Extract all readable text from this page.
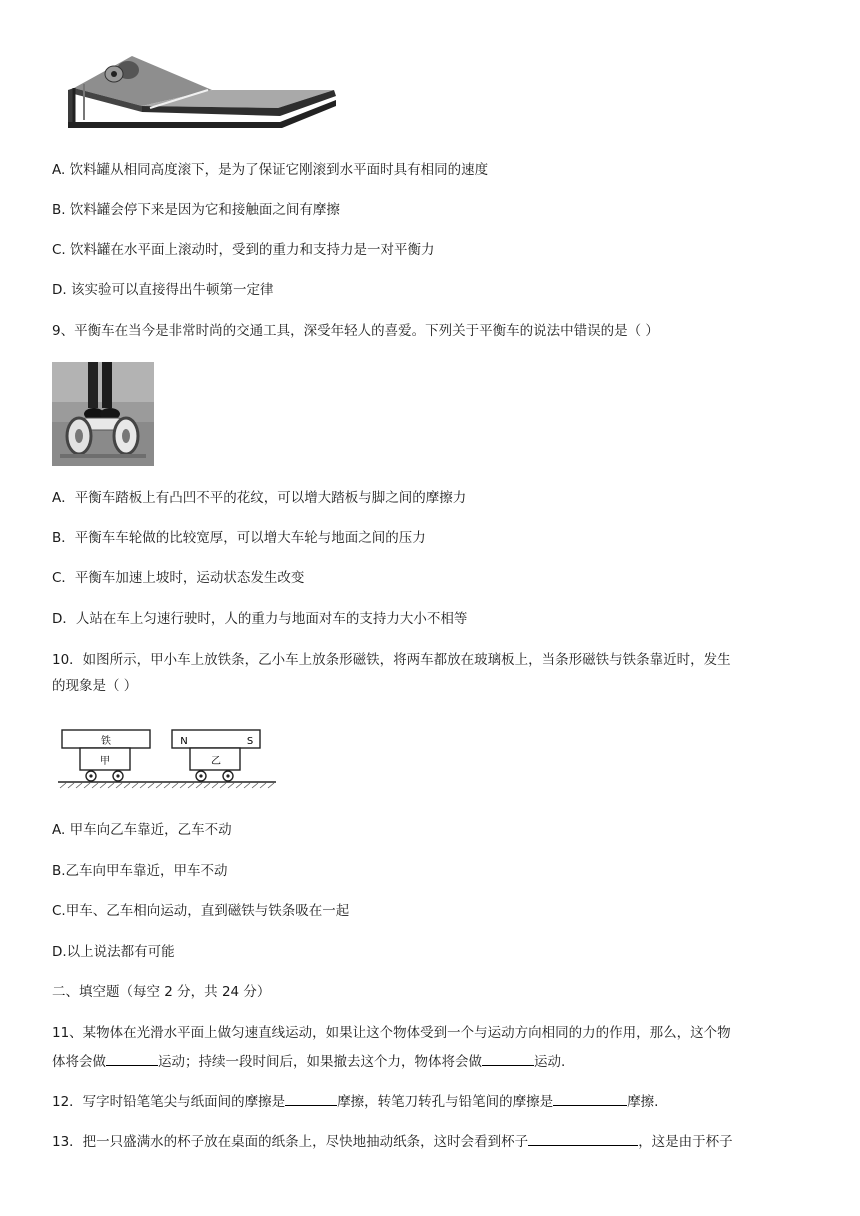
A. 饮料罐从相同高度滚下，是为了保证它刚滚到水平面时具有相同的速度
B. 饮料罐会停下来是因为它和接触面之间有摩擦
C. 饮料罐在水平面上滚动时，受到的重力和支持力是一对平衡力
D. 该实验可以直接得出牛顿第一定律
9、平衡车在当今是非常时尚的交通工具，深受年轻人的喜爱。下列关于平衡车的说法中错误的是（ ）
A．平衡车踏板上有凸凹不平的花纹，可以增大踏板与脚之间的摩擦力
B．平衡车车轮做的比较宽厚，可以增大车轮与地面之间的压力
C．平衡车加速上坡时，运动状态发生改变
D．人站在车上匀速行驶时，人的重力与地面对车的支持力大小不相等
10．如图所示，甲小车上放铁条，乙小车上放条形磁铁，将两车都放在玻璃板上，当条形磁铁与铁条靠近时，发生
的现象是（ ）
铁
甲
N	S
乙
A. 甲车向乙车靠近，乙车不动
B.乙车向甲车靠近，甲车不动
C.甲车、乙车相向运动，直到磁铁与铁条吸在一起
D.以上说法都有可能
二、填空题（每空 2 分，共 24 分）
11、某物体在光滑水平面上做匀速直线运动，如果让这个物体受到一个与运动方向相同的力的作用，那么，这个物
体将会做	运动；持续一段时间后，如果撤去这个力，物体将会做	运动.
12．写字时铅笔笔尖与纸面间的摩擦是	摩擦，转笔刀转孔与铅笔间的摩擦是	摩擦.
13．把一只盛满水的杯子放在桌面的纸条上，尽快地抽动纸条，这时会看到杯子	，这是由于杯子
